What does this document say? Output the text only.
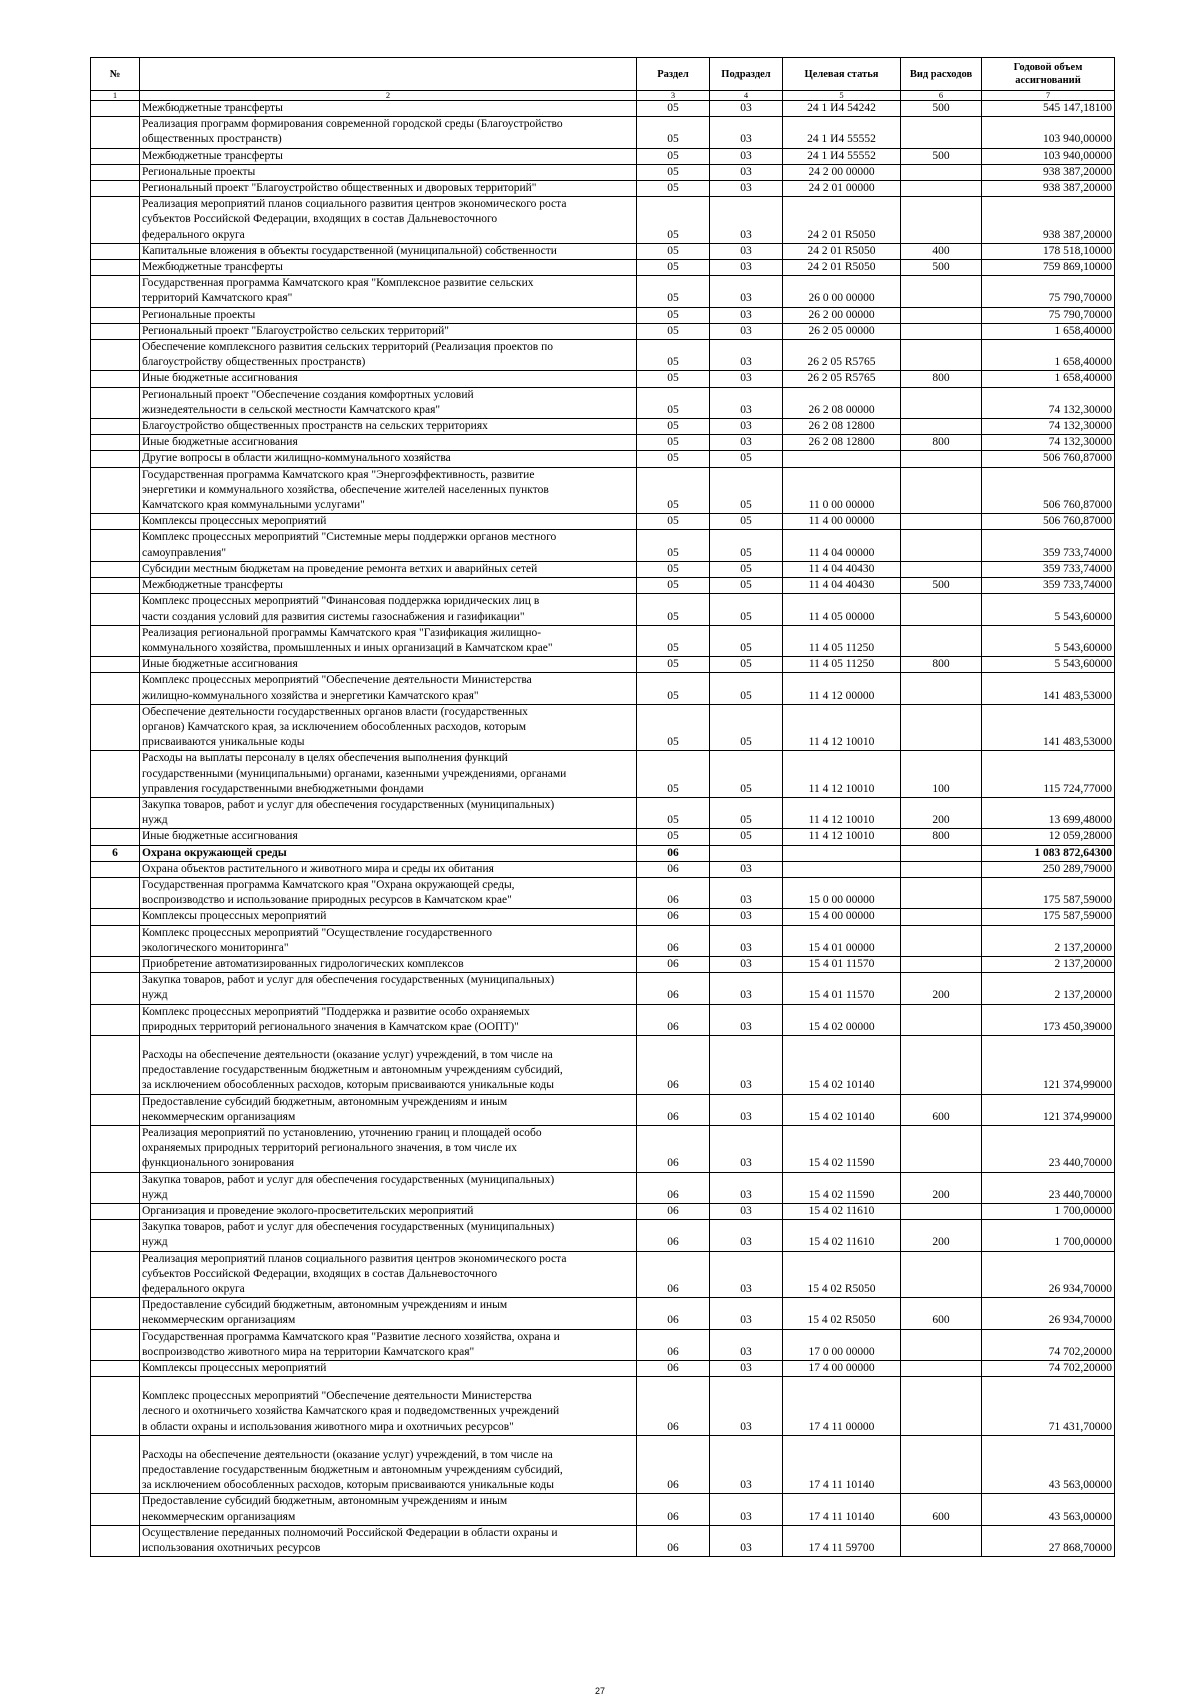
№		Раздел	Подраздел	Целевая статья	Вид расходов	Годовой объем ассигнований
1	2	3	4	5	6	7
	Межбюджетные трансферты	05	03	24 1 И4 54242	500	545 147,18100
	Реализация программ формирования современной городской среды (Благоустройство
общественных пространств)	05	03	24 1 И4 55552		103 940,00000
	Межбюджетные трансферты	05	03	24 1 И4 55552	500	103 940,00000
	Региональные проекты	05	03	24 2 00 00000		938 387,20000
	Региональный проект "Благоустройство общественных и дворовых территорий"	05	03	24 2 01 00000		938 387,20000
	Реализация мероприятий планов социального развития центров экономического роста
субъектов Российской Федерации, входящих в состав Дальневосточного
федерального округа	05	03	24 2 01 R5050		938 387,20000
	Капитальные вложения в объекты государственной (муниципальной) собственности	05	03	24 2 01 R5050	400	178 518,10000
	Межбюджетные трансферты	05	03	24 2 01 R5050	500	759 869,10000
	Государственная программа Камчатского края "Комплексное развитие сельских
территорий Камчатского края"	05	03	26 0 00 00000		75 790,70000
	Региональные проекты	05	03	26 2 00 00000		75 790,70000
	Региональный проект "Благоустройство сельских территорий"	05	03	26 2 05 00000		1 658,40000
	Обеспечение комплексного развития сельских территорий (Реализация проектов по
благоустройству общественных пространств)	05	03	26 2 05 R5765		1 658,40000
	Иные бюджетные ассигнования	05	03	26 2 05 R5765	800	1 658,40000
	Региональный проект "Обеспечение создания комфортных условий
жизнедеятельности в сельской местности Камчатского края"	05	03	26 2 08 00000		74 132,30000
	Благоустройство общественных пространств на сельских территориях	05	03	26 2 08 12800		74 132,30000
	Иные бюджетные ассигнования	05	03	26 2 08 12800	800	74 132,30000
	Другие вопросы в области жилищно-коммунального хозяйства	05	05			506 760,87000
	Государственная программа Камчатского края "Энергоэффективность, развитие
энергетики и коммунального хозяйства, обеспечение жителей населенных пунктов
Камчатского края коммунальными услугами"	05	05	11 0 00 00000		506 760,87000
	Комплексы процессных мероприятий	05	05	11 4 00 00000		506 760,87000
	Комплекс процессных мероприятий "Системные меры поддержки органов местного
самоуправления"	05	05	11 4 04 00000		359 733,74000
	Субсидии местным бюджетам на проведение ремонта ветхих и аварийных сетей	05	05	11 4 04 40430		359 733,74000
	Межбюджетные трансферты	05	05	11 4 04 40430	500	359 733,74000
	Комплекс процессных мероприятий "Финансовая поддержка юридических лиц в
части создания условий для развития системы газоснабжения и газификации"	05	05	11 4 05 00000		5 543,60000
	Реализация региональной программы Камчатского края "Газификация жилищно-
коммунального хозяйства, промышленных и иных организаций в Камчатском крае"	05	05	11 4 05 11250		5 543,60000
	Иные бюджетные ассигнования	05	05	11 4 05 11250	800	5 543,60000
	Комплекс процессных мероприятий "Обеспечение деятельности Министерства
жилищно-коммунального хозяйства и энергетики Камчатского края"	05	05	11 4 12 00000		141 483,53000
	Обеспечение деятельности государственных органов власти (государственных
органов) Камчатского края, за исключением обособленных расходов, которым
присваиваются уникальные коды	05	05	11 4 12 10010		141 483,53000
	Расходы на выплаты персоналу в целях обеспечения выполнения функций
государственными (муниципальными) органами, казенными учреждениями, органами
управления государственными внебюджетными фондами	05	05	11 4 12 10010	100	115 724,77000
	Закупка товаров, работ и услуг для обеспечения государственных (муниципальных)
нужд	05	05	11 4 12 10010	200	13 699,48000
	Иные бюджетные ассигнования	05	05	11 4 12 10010	800	12 059,28000
6	Охрана окружающей среды	06				1 083 872,64300
	Охрана объектов растительного и животного мира и среды их обитания	06	03			250 289,79000
	Государственная программа Камчатского края "Охрана окружающей среды,
воспроизводство и использование природных ресурсов в Камчатском крае"	06	03	15 0 00 00000		175 587,59000
	Комплексы процессных мероприятий	06	03	15 4 00 00000		175 587,59000
	Комплекс процессных мероприятий "Осуществление государственного
экологического мониторинга"	06	03	15 4 01 00000		2 137,20000
	Приобретение автоматизированных гидрологических комплексов	06	03	15 4 01 11570		2 137,20000
	Закупка товаров, работ и услуг для обеспечения государственных (муниципальных)
нужд	06	03	15 4 01 11570	200	2 137,20000
	Комплекс процессных мероприятий "Поддержка и развитие особо охраняемых
природных территорий регионального значения в Камчатском крае (ООПТ)"	06	03	15 4 02 00000		173 450,39000
	Расходы на обеспечение деятельности (оказание услуг) учреждений, в том числе на
предоставление государственным бюджетным и автономным учреждениям субсидий,
за исключением обособленных расходов, которым присваиваются уникальные коды	06	03	15 4 02 10140		121 374,99000
	Предоставление субсидий бюджетным, автономным учреждениям и иным
некоммерческим организациям	06	03	15 4 02 10140	600	121 374,99000
	Реализация мероприятий по установлению, уточнению границ и площадей особо
охраняемых природных территорий регионального значения, в том числе их
функционального зонирования	06	03	15 4 02 11590		23 440,70000
	Закупка товаров, работ и услуг для обеспечения государственных (муниципальных)
нужд	06	03	15 4 02 11590	200	23 440,70000
	Организация и проведение эколого-просветительских мероприятий	06	03	15 4 02 11610		1 700,00000
	Закупка товаров, работ и услуг для обеспечения государственных (муниципальных)
нужд	06	03	15 4 02 11610	200	1 700,00000
	Реализация мероприятий планов социального развития центров экономического роста
субъектов Российской Федерации, входящих в состав Дальневосточного
федерального округа	06	03	15 4 02 R5050		26 934,70000
	Предоставление субсидий бюджетным, автономным учреждениям и иным
некоммерческим организациям	06	03	15 4 02 R5050	600	26 934,70000
	Государственная программа Камчатского края "Развитие лесного хозяйства, охрана и
воспроизводство животного мира на территории Камчатского края"	06	03	17 0 00 00000		74 702,20000
	Комплексы процессных мероприятий	06	03	17 4 00 00000		74 702,20000
	Комплекс процессных мероприятий "Обеспечение деятельности Министерства
лесного и охотничьего хозяйства Камчатского края и подведомственных учреждений
в области охраны и использования животного мира и охотничьих ресурсов"	06	03	17 4 11 00000		71 431,70000
	Расходы на обеспечение деятельности (оказание услуг) учреждений, в том числе на
предоставление государственным бюджетным и автономным учреждениям субсидий,
за исключением обособленных расходов, которым присваиваются уникальные коды	06	03	17 4 11 10140		43 563,00000
	Предоставление субсидий бюджетным, автономным учреждениям и иным
некоммерческим организациям	06	03	17 4 11 10140	600	43 563,00000
	Осуществление переданных полномочий Российской Федерации в области охраны и
использования охотничьих ресурсов	06	03	17 4 11 59700		27 868,70000
27
